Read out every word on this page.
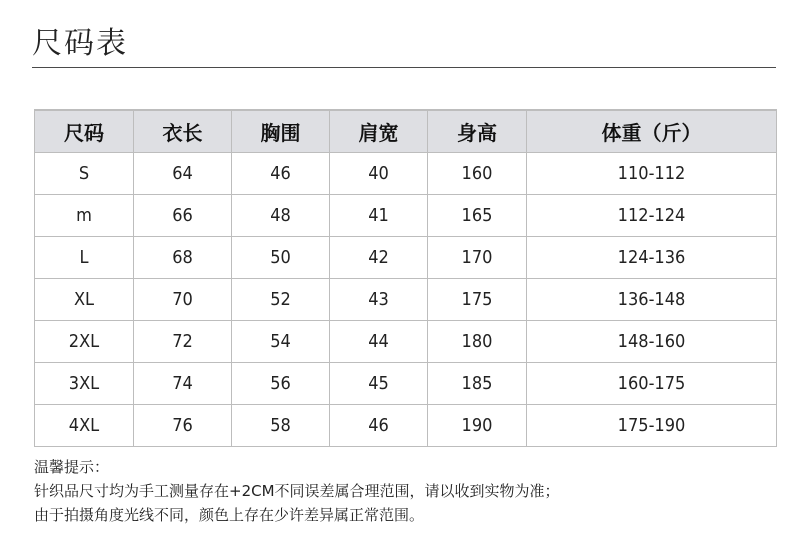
尺码表
尺码	衣长	胸围	肩宽	身高	体重（斤）
S	64	46	40	160	110-112
m	66	48	41	165	112-124
L	68	50	42	170	124-136
XL	70	52	43	175	136-148
2XL	72	54	44	180	148-160
3XL	74	56	45	185	160-175
4XL	76	58	46	190	175-190
温馨提示：
针织品尺寸均为手工测量存在+2CM不同误差属合理范围，请以收到实物为准；
由于拍摄角度光线不同，颜色上存在少许差异属正常范围。
